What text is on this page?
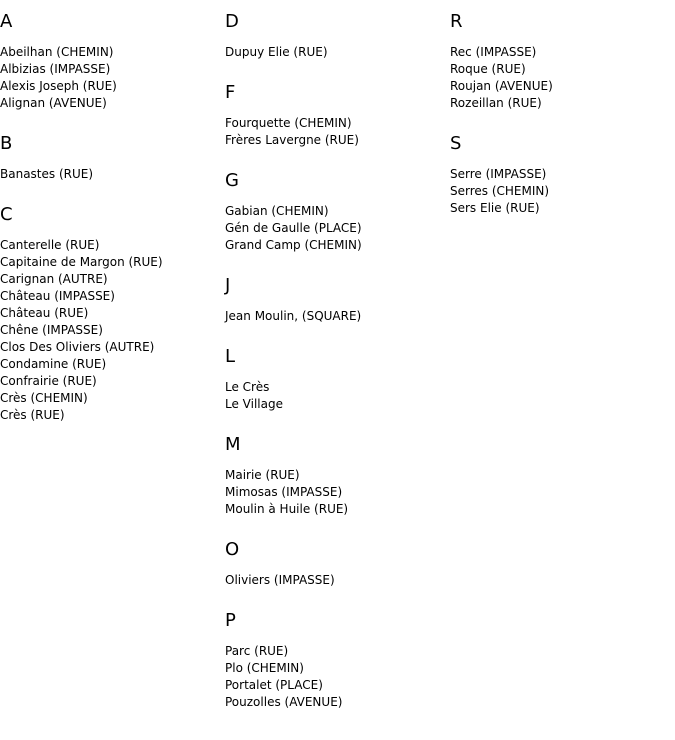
A
Abeilhan (CHEMIN)
Albizias (IMPASSE)
Alexis Joseph (RUE)
Alignan (AVENUE)
B
Banastes (RUE)
C
Canterelle (RUE)
Capitaine de Margon (RUE)
Carignan (AUTRE)
Château (IMPASSE)
Château (RUE)
Chêne (IMPASSE)
Clos Des Oliviers (AUTRE)
Condamine (RUE)
Confrairie (RUE)
Crès (CHEMIN)
Crès (RUE)
D
Dupuy Elie (RUE)
F
Fourquette (CHEMIN)
Frères Lavergne (RUE)
G
Gabian (CHEMIN)
Gén de Gaulle (PLACE)
Grand Camp (CHEMIN)
J
Jean Moulin, (SQUARE)
L
Le Crès
Le Village
M
Mairie (RUE)
Mimosas (IMPASSE)
Moulin à Huile (RUE)
O
Oliviers (IMPASSE)
P
Parc (RUE)
Plo (CHEMIN)
Portalet (PLACE)
Pouzolles (AVENUE)
R
Rec (IMPASSE)
Roque (RUE)
Roujan (AVENUE)
Rozeillan (RUE)
S
Serre (IMPASSE)
Serres (CHEMIN)
Sers Elie (RUE)
